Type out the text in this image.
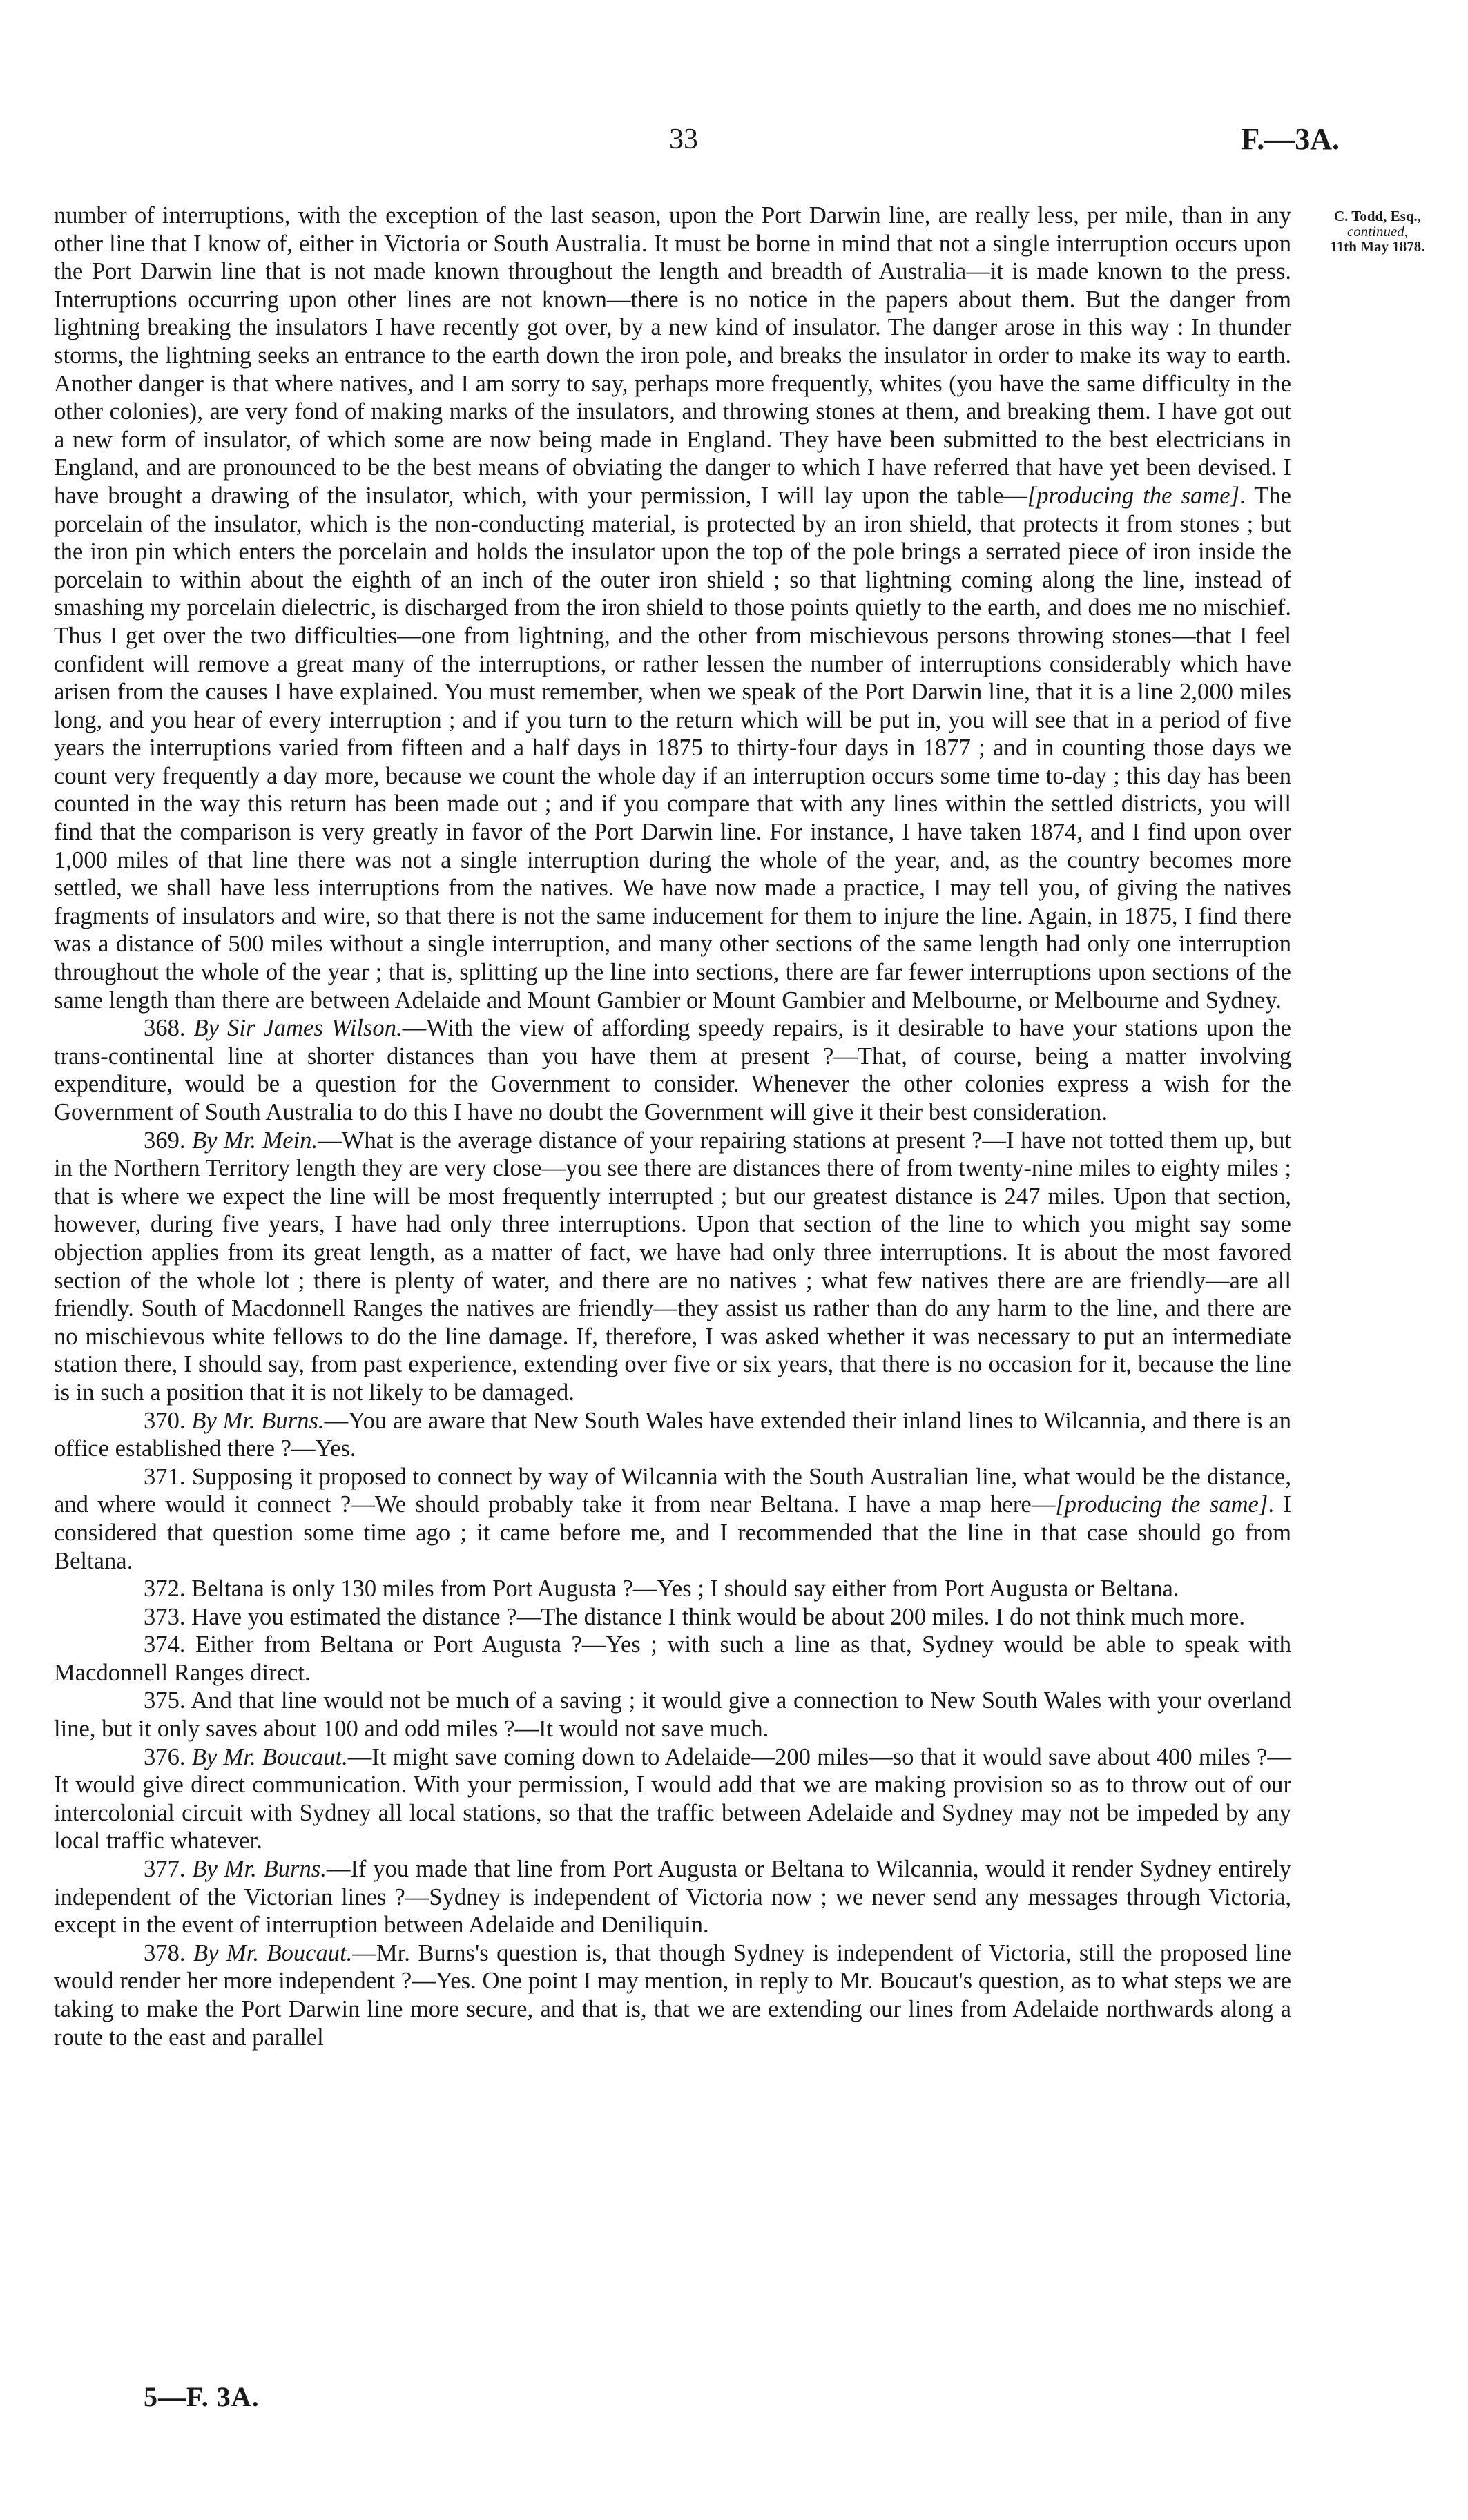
33	F.—3A.
C. Todd, Esq.,
continued,
11th May 1878.

number of interruptions, with the exception of the last season, upon the Port Darwin line, are really less, per mile, than in any other line that I know of, either in Victoria or South Australia. It must be borne in mind that not a single interruption occurs upon the Port Darwin line that is not made known throughout the length and breadth of Australia—it is made known to the press. Interruptions occurring upon other lines are not known—there is no notice in the papers about them. But the danger from lightning breaking the insulators I have recently got over, by a new kind of insulator. The danger arose in this way : In thunder storms, the lightning seeks an entrance to the earth down the iron pole, and breaks the insulator in order to make its way to earth. Another danger is that where natives, and I am sorry to say, perhaps more frequently, whites (you have the same difficulty in the other colonies), are very fond of making marks of the insulators, and throwing stones at them, and breaking them. I have got out a new form of insulator, of which some are now being made in England. They have been submitted to the best electricians in England, and are pronounced to be the best means of obviating the danger to which I have referred that have yet been devised. I have brought a drawing of the insulator, which, with your permission, I will lay upon the table—[producing the same]. The porcelain of the insulator, which is the non-conducting material, is protected by an iron shield, that protects it from stones ; but the iron pin which enters the porcelain and holds the insulator upon the top of the pole brings a serrated piece of iron inside the porcelain to within about the eighth of an inch of the outer iron shield ; so that lightning coming along the line, instead of smashing my porcelain dielectric, is discharged from the iron shield to those points quietly to the earth, and does me no mischief. Thus I get over the two difficulties—one from lightning, and the other from mischievous persons throwing stones—that I feel confident will remove a great many of the interruptions, or rather lessen the number of interruptions considerably which have arisen from the causes I have explained. You must remember, when we speak of the Port Darwin line, that it is a line 2,000 miles long, and you hear of every interruption ; and if you turn to the return which will be put in, you will see that in a period of five years the interruptions varied from fifteen and a half days in 1875 to thirty-four days in 1877 ; and in counting those days we count very frequently a day more, because we count the whole day if an interruption occurs some time to-day ; this day has been counted in the way this return has been made out ; and if you compare that with any lines within the settled districts, you will find that the comparison is very greatly in favor of the Port Darwin line. For instance, I have taken 1874, and I find upon over 1,000 miles of that line there was not a single interruption during the whole of the year, and, as the country becomes more settled, we shall have less interruptions from the natives. We have now made a practice, I may tell you, of giving the natives fragments of insulators and wire, so that there is not the same inducement for them to injure the line. Again, in 1875, I find there was a distance of 500 miles without a single interruption, and many other sections of the same length had only one interruption throughout the whole of the year ; that is, splitting up the line into sections, there are far fewer interruptions upon sections of the same length than there are between Adelaide and Mount Gambier or Mount Gambier and Melbourne, or Melbourne and Sydney.

368. By Sir James Wilson.—With the view of affording speedy repairs, is it desirable to have your stations upon the trans-continental line at shorter distances than you have them at present ?—That, of course, being a matter involving expenditure, would be a question for the Government to consider. Whenever the other colonies express a wish for the Government of South Australia to do this I have no doubt the Government will give it their best consideration.

369. By Mr. Mein.—What is the average distance of your repairing stations at present ?—I have not totted them up, but in the Northern Territory length they are very close—you see there are distances there of from twenty-nine miles to eighty miles ; that is where we expect the line will be most frequently interrupted ; but our greatest distance is 247 miles. Upon that section, however, during five years, I have had only three interruptions. Upon that section of the line to which you might say some objection applies from its great length, as a matter of fact, we have had only three interruptions. It is about the most favored section of the whole lot ; there is plenty of water, and there are no natives ; what few natives there are are friendly—are all friendly. South of Macdonnell Ranges the natives are friendly—they assist us rather than do any harm to the line, and there are no mischievous white fellows to do the line damage. If, therefore, I was asked whether it was necessary to put an intermediate station there, I should say, from past experience, extending over five or six years, that there is no occasion for it, because the line is in such a position that it is not likely to be damaged.

370. By Mr. Burns.—You are aware that New South Wales have extended their inland lines to Wilcannia, and there is an office established there ?—Yes.

371. Supposing it proposed to connect by way of Wilcannia with the South Australian line, what would be the distance, and where would it connect ?—We should probably take it from near Beltana. I have a map here—[producing the same]. I considered that question some time ago ; it came before me, and I recommended that the line in that case should go from Beltana.

372. Beltana is only 130 miles from Port Augusta ?—Yes ; I should say either from Port Augusta or Beltana.

373. Have you estimated the distance ?—The distance I think would be about 200 miles. I do not think much more.

374. Either from Beltana or Port Augusta ?—Yes ; with such a line as that, Sydney would be able to speak with Macdonnell Ranges direct.

375. And that line would not be much of a saving ; it would give a connection to New South Wales with your overland line, but it only saves about 100 and odd miles ?—It would not save much.

376. By Mr. Boucaut.—It might save coming down to Adelaide—200 miles—so that it would save about 400 miles ?—It would give direct communication. With your permission, I would add that we are making provision so as to throw out of our intercolonial circuit with Sydney all local stations, so that the traffic between Adelaide and Sydney may not be impeded by any local traffic whatever.

377. By Mr. Burns.—If you made that line from Port Augusta or Beltana to Wilcannia, would it render Sydney entirely independent of the Victorian lines ?—Sydney is independent of Victoria now ; we never send any messages through Victoria, except in the event of interruption between Adelaide and Deniliquin.

378. By Mr. Boucaut.—Mr. Burns's question is, that though Sydney is independent of Victoria, still the proposed line would render her more independent ?—Yes. One point I may mention, in reply to Mr. Boucaut's question, as to what steps we are taking to make the Port Darwin line more secure, and that is, that we are extending our lines from Adelaide northwards along a route to the east and parallel

5—F. 3A.
